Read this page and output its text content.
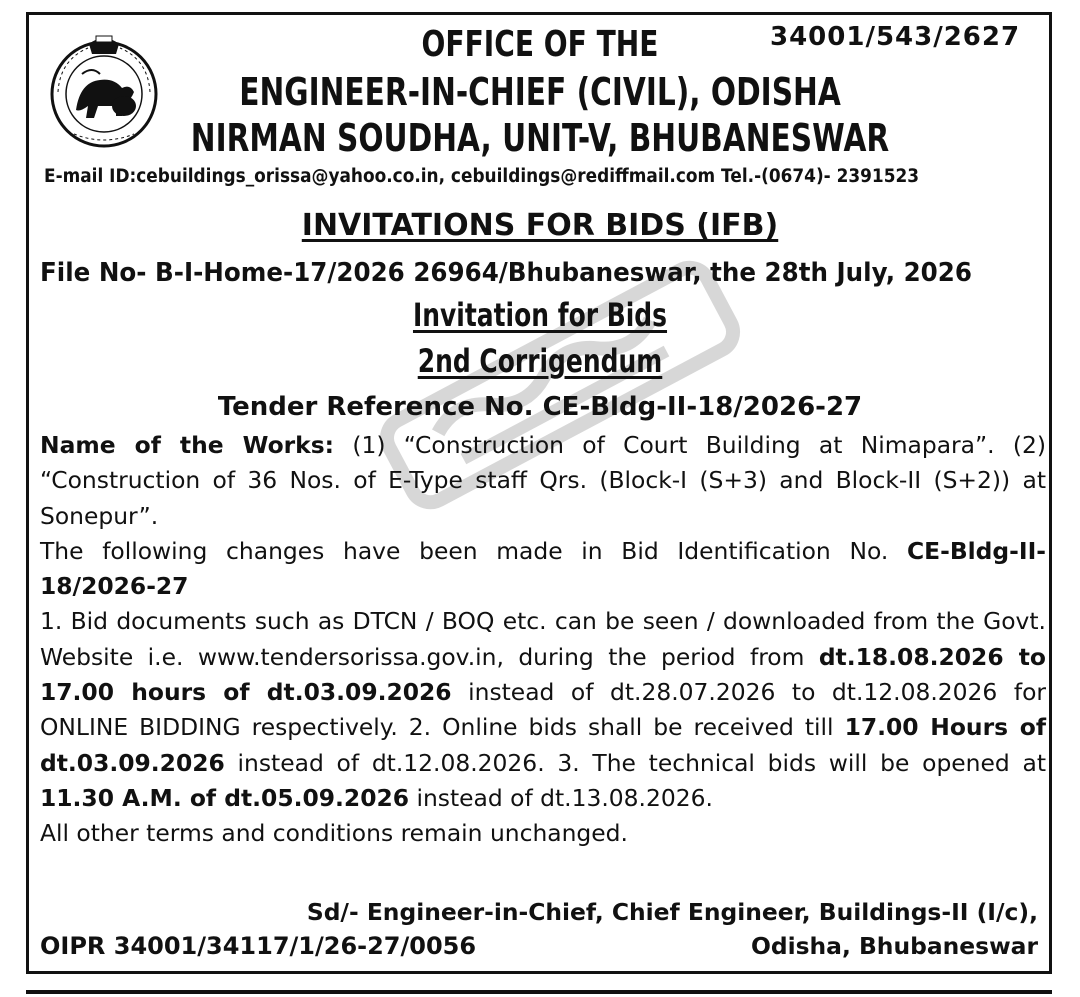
34001/543/2627
OFFICE OF THE
ENGINEER-IN-CHIEF (CIVIL), ODISHA
NIRMAN SOUDHA, UNIT-V, BHUBANESWAR
E-mail ID:cebuildings_orissa@yahoo.co.in, cebuildings@rediffmail.com Tel.-(0674)- 2391523
INVITATIONS FOR BIDS (IFB)
File No- B-I-Home-17/2026 26964/Bhubaneswar, the 28th July, 2026
Invitation for Bids
2nd Corrigendum
Tender Reference No. CE-Bldg-II-18/2026-27

Name of the Works: (1) “Construction of Court Building at Nimapara”. (2) “Construction of 36 Nos. of E-Type staff Qrs. (Block-I (S+3) and Block-II (S+2)) at Sonepur”.

The following changes have been made in Bid Identification No. CE-Bldg-II-18/2026-27

1. Bid documents such as DTCN / BOQ etc. can be seen / downloaded from the Govt. Website i.e. www.tendersorissa.gov.in, during the period from dt.18.08.2026 to 17.00 hours of dt.03.09.2026 instead of dt.28.07.2026 to dt.12.08.2026 for ONLINE BIDDING respectively. 2. Online bids shall be received till 17.00 Hours of dt.03.09.2026 instead of dt.12.08.2026. 3. The technical bids will be opened at 11.30 A.M. of dt.05.09.2026 instead of dt.13.08.2026.

All other terms and conditions remain unchanged.

Sd/- Engineer-in-Chief, Chief Engineer, Buildings-II (I/c),
OIPR 34001/34117/1/26-27/0056	Odisha, Bhubaneswar
